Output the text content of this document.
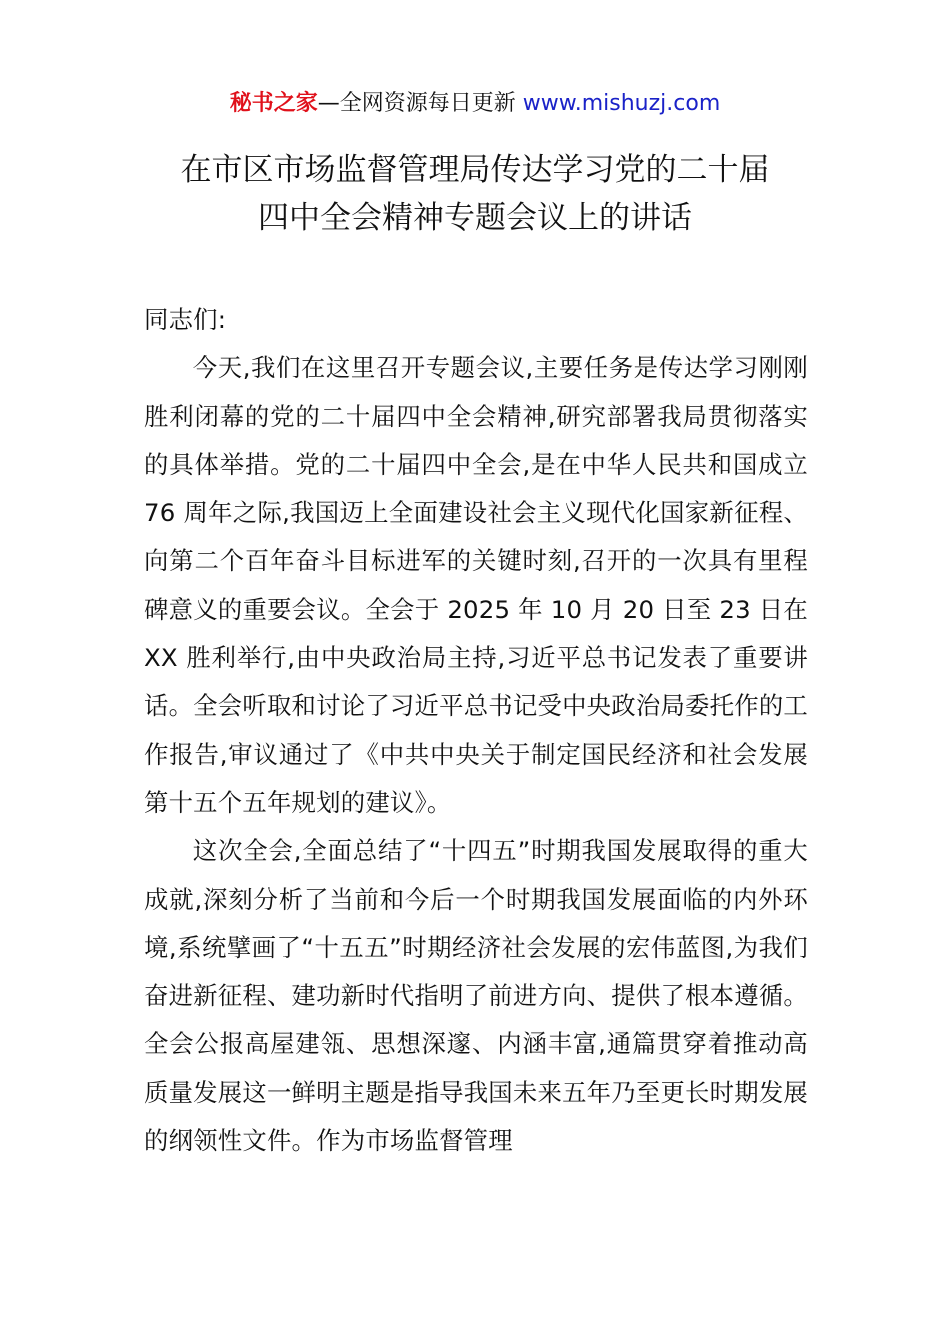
秘书之家—全网资源每日更新 www.mishuzj.com
在市区市场监督管理局传达学习党的二十届
四中全会精神专题会议上的讲话

同志们:

今天,我们在这里召开专题会议,主要任务是传达学习刚刚胜利闭幕的党的二十届四中全会精神,研究部署我局贯彻落实的具体举措。党的二十届四中全会,是在中华人民共和国成立 76 周年之际,我国迈上全面建设社会主义现代化国家新征程、向第二个百年奋斗目标进军的关键时刻,召开的一次具有里程碑意义的重要会议。全会于 2025 年 10 月 20 日至 23 日在 XX 胜利举行,由中央政治局主持,习近平总书记发表了重要讲话。全会听取和讨论了习近平总书记受中央政治局委托作的工作报告,审议通过了《中共中央关于制定国民经济和社会发展第十五个五年规划的建议》。

这次全会,全面总结了“十四五”时期我国发展取得的重大成就,深刻分析了当前和今后一个时期我国发展面临的内外环境,系统擘画了“十五五”时期经济社会发展的宏伟蓝图,为我们奋进新征程、建功新时代指明了前进方向、提供了根本遵循。全会公报高屋建瓴、思想深邃、内涵丰富,通篇贯穿着推动高质量发展这一鲜明主题是指导我国未来五年乃至更长时期发展的纲领性文件。作为市场监督管理
